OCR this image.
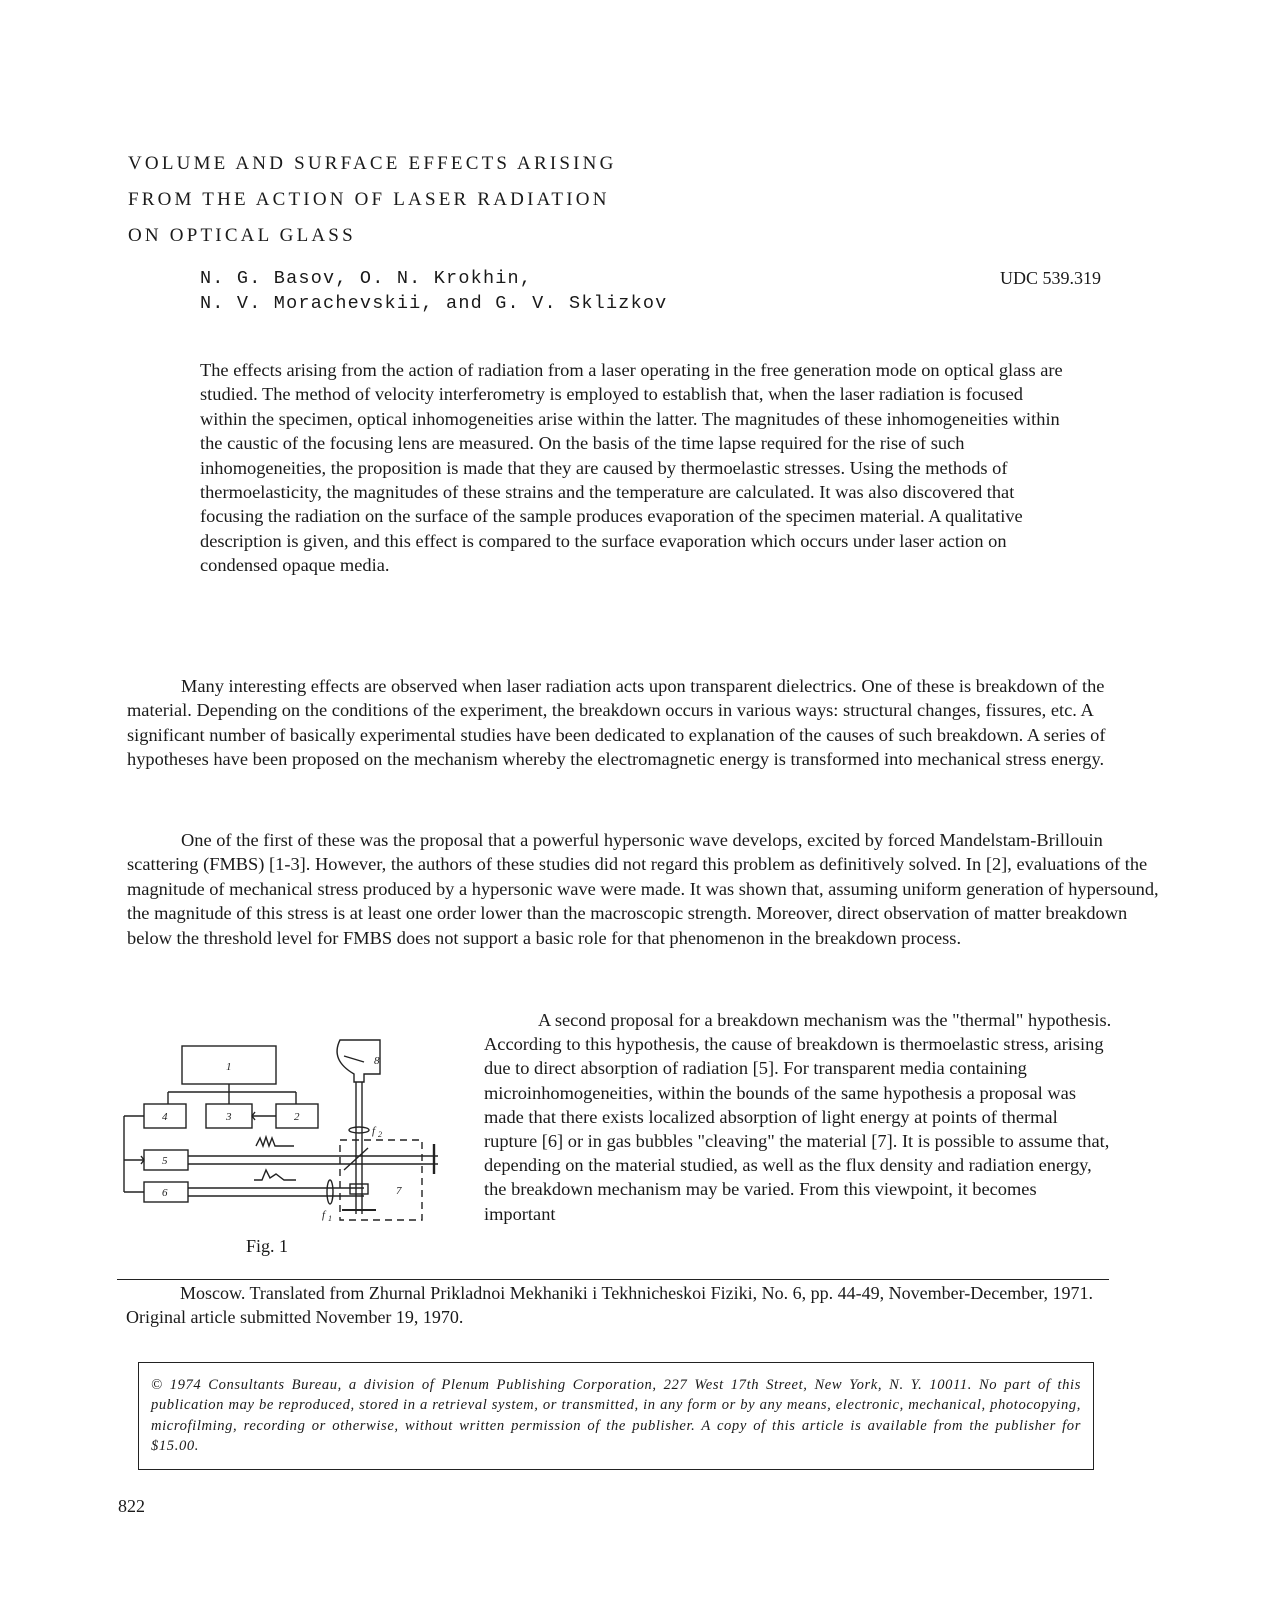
VOLUME AND SURFACE EFFECTS ARISING
FROM THE ACTION OF LASER RADIATION
ON OPTICAL GLASS
N. G. Basov, O. N. Krokhin,
N. V. Morachevskii, and G. V. Sklizkov
UDC 539.319

The effects arising from the action of radiation from a laser operating in the free generation mode on optical glass are studied. The method of velocity interferometry is employed to establish that, when the laser radiation is focused within the specimen, optical inhomogeneities arise within the latter. The magnitudes of these inhomogeneities within the caustic of the focusing lens are measured. On the basis of the time lapse required for the rise of such inhomogeneities, the proposition is made that they are caused by thermoelastic stresses. Using the methods of thermoelasticity, the magnitudes of these strains and the temperature are calculated. It was also discovered that focusing the radiation on the surface of the sample produces evaporation of the specimen material. A qualitative description is given, and this effect is compared to the surface evaporation which occurs under laser action on condensed opaque media.

Many interesting effects are observed when laser radiation acts upon transparent dielectrics. One of these is breakdown of the material. Depending on the conditions of the experiment, the breakdown occurs in various ways: structural changes, fissures, etc. A significant number of basically experimental studies have been dedicated to explanation of the causes of such breakdown. A series of hypotheses have been proposed on the mechanism whereby the electromagnetic energy is transformed into mechanical stress energy.

One of the first of these was the proposal that a powerful hypersonic wave develops, excited by forced Mandelstam-Brillouin scattering (FMBS) [1-3]. However, the authors of these studies did not regard this problem as definitively solved. In [2], evaluations of the magnitude of mechanical stress produced by a hypersonic wave were made. It was shown that, assuming uniform generation of hypersound, the magnitude of this stress is at least one order lower than the macroscopic strength. Moreover, direct observation of matter breakdown below the threshold level for FMBS does not support a basic role for that phenomenon in the breakdown process.

1
4	3	2
5
6	7
8
f 2
f 1
Fig. 1

A second proposal for a breakdown mechanism was the "thermal" hypothesis. According to this hypothesis, the cause of breakdown is thermoelastic stress, arising due to direct absorption of radiation [5]. For transparent media containing microinhomogeneities, within the bounds of the same hypothesis a proposal was made that there exists localized absorption of light energy at points of thermal rupture [6] or in gas bubbles "cleaving" the material [7]. It is possible to assume that, depending on the material studied, as well as the flux density and radiation energy, the breakdown mechanism may be varied. From this viewpoint, it becomes important

Moscow. Translated from Zhurnal Prikladnoi Mekhaniki i Tekhnicheskoi Fiziki, No. 6, pp. 44-49, November-December, 1971. Original article submitted November 19, 1970.

© 1974 Consultants Bureau, a division of Plenum Publishing Corporation, 227 West 17th Street, New York, N. Y. 10011. No part of this publication may be reproduced, stored in a retrieval system, or transmitted, in any form or by any means, electronic, mechanical, photocopying, microfilming, recording or otherwise, without written permission of the publisher. A copy of this article is available from the publisher for $15.00.

822
